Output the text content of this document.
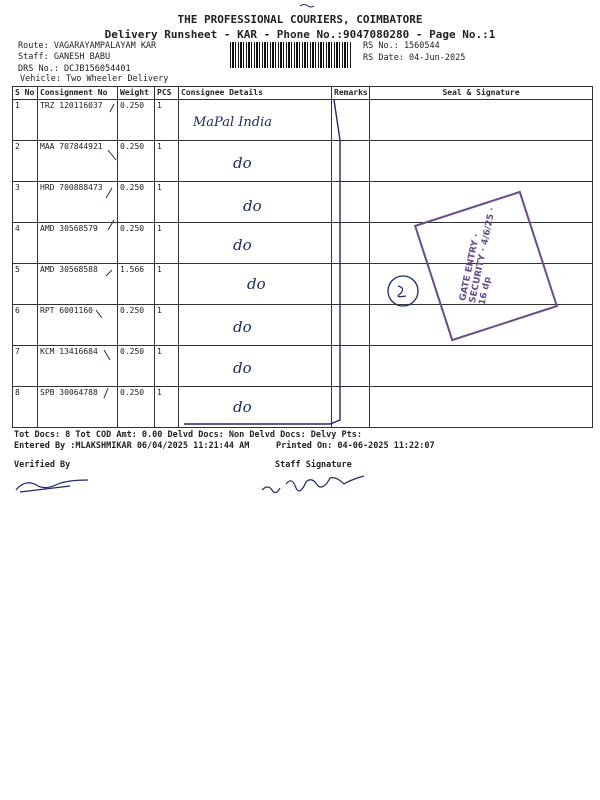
THE PROFESSIONAL COURIERS, COIMBATORE
Delivery Runsheet - KAR - Phone No.:9047080280 - Page No.:1
Route: VAGARAYAMPALAYAM KAR
Staff: GANESH BABU
DRS No.: DCJB156054401
Vehicle: Two Wheeler Delivery
RS No.: 1560544
RS Date: 04-Jun-2025
S No	Consignment No	Weight	PCS	Consignee Details	Remarks	Seal & Signature
1	TRZ 120116037	0.250	1	MaPal India		
2	MAA 707844921	0.250	1	do		
3	HRD 700888473	0.250	1	do		
4	AMD 30568579	0.250	1	do		
5	AMD 30568588	1.566	1	do		
6	RPT 6001160	0.250	1	do		
7	KCM 13416684	0.250	1	do		
8	SPB 30064788	0.250	1	do		
GATE ENTRY · SECURITY · 4/6/25 · 16 dp
Tot Docs: 8 Tot COD Amt: 0.00 Delvd Docs: Non Delvd Docs: Delvy Pts:
Entered By :MLAKSHMIKAR 06/04/2025 11:21:44 AM	Printed On: 04-06-2025 11:22:07
Verified By	Staff Signature
